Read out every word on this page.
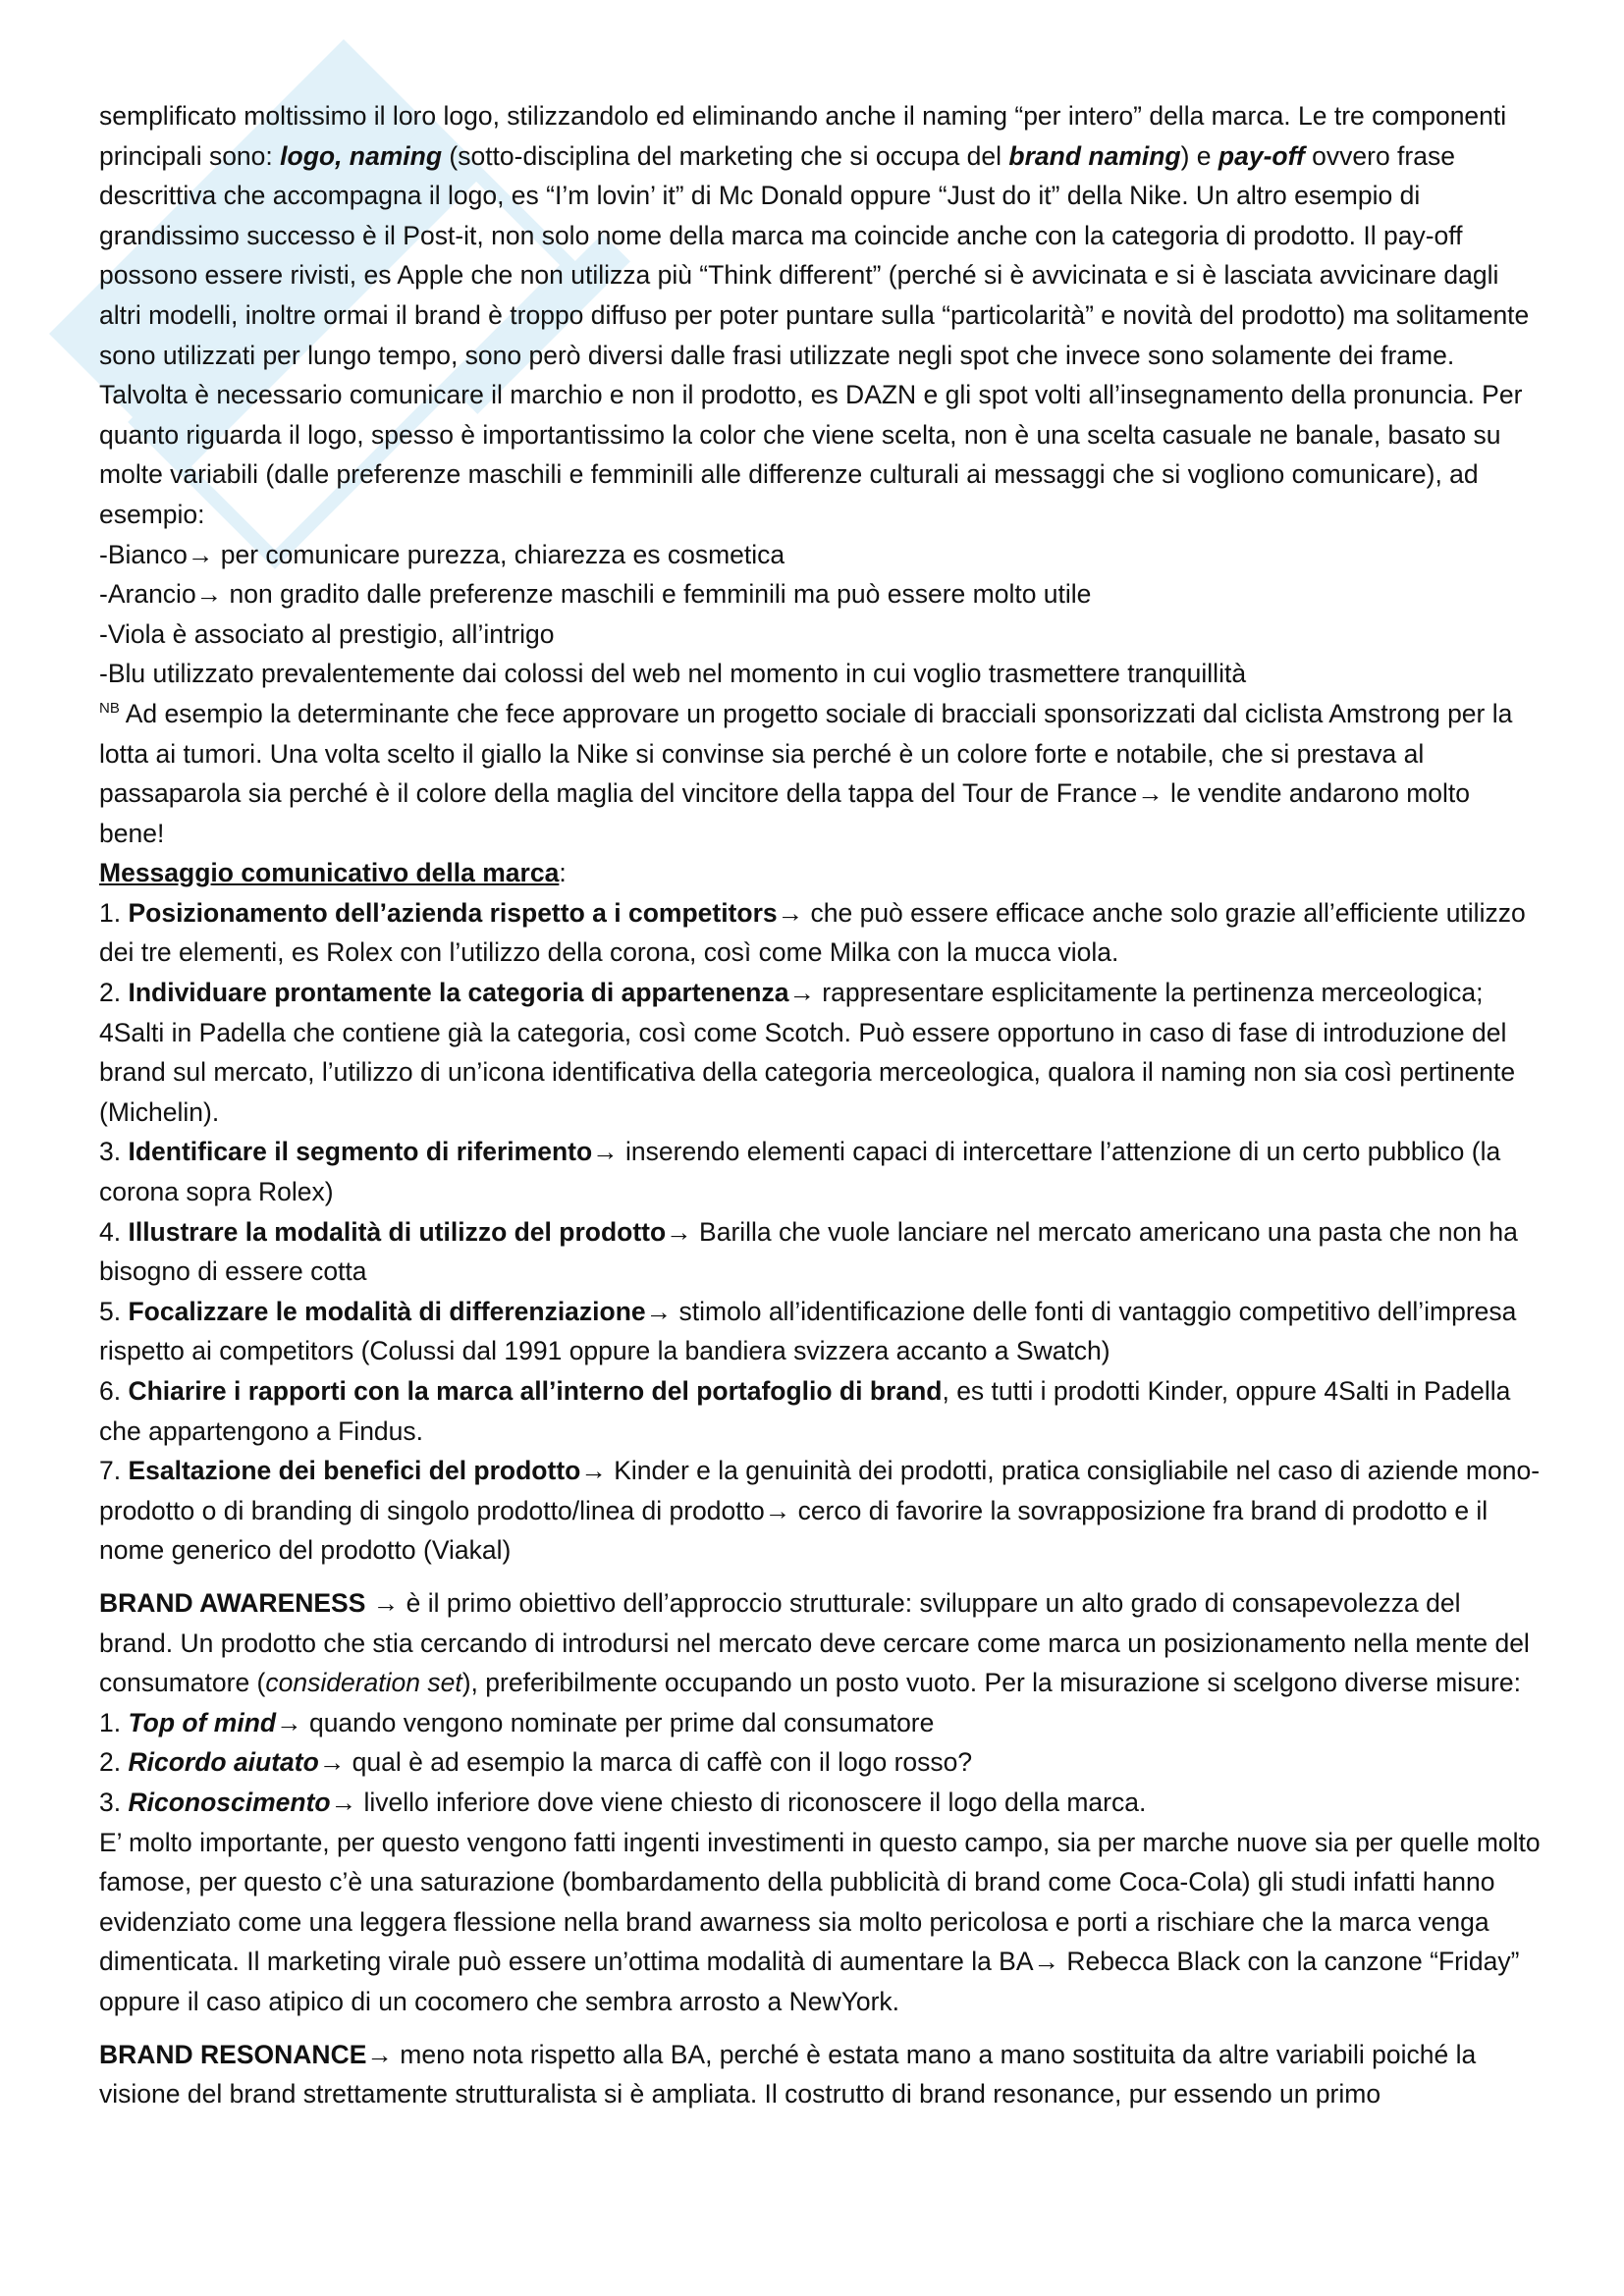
semplificato moltissimo il loro logo, stilizzandolo ed eliminando anche il naming “per intero” della marca. Le tre componenti principali sono: logo, naming (sotto-disciplina del marketing che si occupa del brand naming) e pay-off ovvero frase descrittiva che accompagna il logo, es “I’m lovin’ it” di Mc Donald oppure “Just do it” della Nike. Un altro esempio di grandissimo successo è il Post-it, non solo nome della marca ma coincide anche con la categoria di prodotto. Il pay-off possono essere rivisti, es Apple che non utilizza più “Think different” (perché si è avvicinata e si è lasciata avvicinare dagli altri modelli, inoltre ormai il brand è troppo diffuso per poter puntare sulla “particolarità” e novità del prodotto) ma solitamente sono utilizzati per lungo tempo, sono però diversi dalle frasi utilizzate negli spot che invece sono solamente dei frame.

Talvolta è necessario comunicare il marchio e non il prodotto, es DAZN e gli spot volti all’insegnamento della pronuncia. Per quanto riguarda il logo, spesso è importantissimo la color che viene scelta, non è una scelta casuale ne banale, basato su molte variabili (dalle preferenze maschili e femminili alle differenze culturali ai messaggi che si vogliono comunicare), ad esempio:

-Bianco→ per comunicare purezza, chiarezza es cosmetica

-Arancio→ non gradito dalle preferenze maschili e femminili ma può essere molto utile

-Viola è associato al prestigio, all’intrigo

-Blu utilizzato prevalentemente dai colossi del web nel momento in cui voglio trasmettere tranquillità

$^{NB}$ Ad esempio la determinante che fece approvare un progetto sociale di bracciali sponsorizzati dal ciclista Amstrong per la lotta ai tumori. Una volta scelto il giallo la Nike si convinse sia perché è un colore forte e notabile, che si prestava al passaparola sia perché è il colore della maglia del vincitore della tappa del Tour de France→ le vendite andarono molto bene!

Messaggio comunicativo della marca:

1. Posizionamento dell’azienda rispetto a i competitors→ che può essere efficace anche solo grazie all’efficiente utilizzo dei tre elementi, es Rolex con l’utilizzo della corona, così come Milka con la mucca viola.

2. Individuare prontamente la categoria di appartenenza→ rappresentare esplicitamente la pertinenza merceologica; 4Salti in Padella che contiene già la categoria, così come Scotch. Può essere opportuno in caso di fase di introduzione del brand sul mercato, l’utilizzo di un’icona identificativa della categoria merceologica, qualora il naming non sia così pertinente (Michelin).

3. Identificare il segmento di riferimento→ inserendo elementi capaci di intercettare l’attenzione di un certo pubblico (la corona sopra Rolex)

4. Illustrare la modalità di utilizzo del prodotto→ Barilla che vuole lanciare nel mercato americano una pasta che non ha bisogno di essere cotta

5. Focalizzare le modalità di differenziazione→ stimolo all’identificazione delle fonti di vantaggio competitivo dell’impresa rispetto ai competitors (Colussi dal 1991 oppure la bandiera svizzera accanto a Swatch)

6. Chiarire i rapporti con la marca all’interno del portafoglio di brand, es tutti i prodotti Kinder, oppure 4Salti in Padella che appartengono a Findus.

7. Esaltazione dei benefici del prodotto→ Kinder e la genuinità dei prodotti, pratica consigliabile nel caso di aziende mono-prodotto o di branding di singolo prodotto/linea di prodotto→ cerco di favorire la sovrapposizione fra brand di prodotto e il nome generico del prodotto (Viakal)

BRAND AWARENESS → è il primo obiettivo dell’approccio strutturale: sviluppare un alto grado di consapevolezza del brand. Un prodotto che stia cercando di introdursi nel mercato deve cercare come marca un posizionamento nella mente del consumatore (consideration set), preferibilmente occupando un posto vuoto. Per la misurazione si scelgono diverse misure:

1. Top of mind→ quando vengono nominate per prime dal consumatore

2. Ricordo aiutato→ qual è ad esempio la marca di caffè con il logo rosso?

3. Riconoscimento→ livello inferiore dove viene chiesto di riconoscere il logo della marca.

E’ molto importante, per questo vengono fatti ingenti investimenti in questo campo, sia per marche nuove sia per quelle molto famose, per questo c’è una saturazione (bombardamento della pubblicità di brand come Coca-Cola) gli studi infatti hanno evidenziato come una leggera flessione nella brand awarness sia molto pericolosa e porti a rischiare che la marca venga dimenticata. Il marketing virale può essere un’ottima modalità di aumentare la BA→ Rebecca Black con la canzone “Friday” oppure il caso atipico di un cocomero che sembra arrosto a NewYork.

BRAND RESONANCE→ meno nota rispetto alla BA, perché è estata mano a mano sostituita da altre variabili poiché la visione del brand strettamente strutturalista si è ampliata. Il costrutto di brand resonance, pur essendo un primo
